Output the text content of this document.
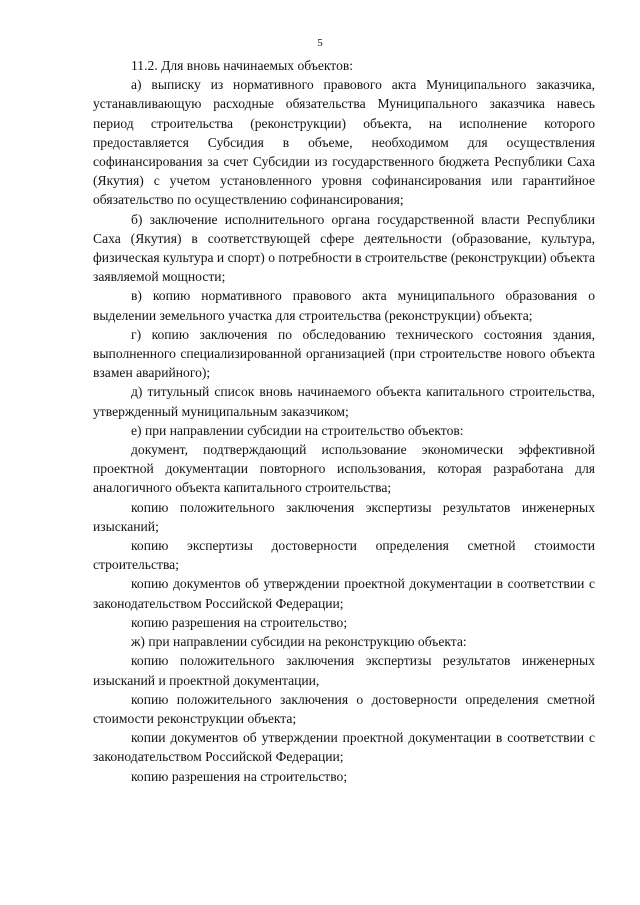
5

11.2. Для вновь начинаемых объектов:

а) выписку из нормативного правового акта Муниципального заказчика, устанавливающую расходные обязательства Муниципального заказчика навесь период строительства (реконструкции) объекта, на исполнение которого предоставляется Субсидия в объеме, необходимом для осуществления софинансирования за счет Субсидии из государственного бюджета Республики Саха (Якутия) с учетом установленного уровня софинансирования или гарантийное обязательство по осуществлению софинансирования;

б) заключение исполнительного органа государственной власти Республики Саха (Якутия) в соответствующей сфере деятельности (образование, культура, физическая культура и спорт) о потребности в строительстве (реконструкции) объекта заявляемой мощности;

в) копию нормативного правового акта муниципального образования о выделении земельного участка для строительства (реконструкции) объекта;

г) копию заключения по обследованию технического состояния здания, выполненного специализированной организацией (при строительстве нового объекта взамен аварийного);

д) титульный список вновь начинаемого объекта капитального строительства, утвержденный муниципальным заказчиком;

е) при направлении субсидии на строительство объектов:

документ, подтверждающий использование экономически эффективной проектной документации повторного использования, которая разработана для аналогичного объекта капитального строительства;

копию положительного заключения экспертизы результатов инженерных изысканий;

копию экспертизы достоверности определения сметной стоимости строительства;

копию документов об утверждении проектной документации в соответствии с законодательством Российской Федерации;

копию разрешения на строительство;

ж) при направлении субсидии на реконструкцию объекта:

копию положительного заключения экспертизы результатов инженерных изысканий и проектной документации,

копию положительного заключения о достоверности определения сметной стоимости реконструкции объекта;

копии документов об утверждении проектной документации в соответствии с законодательством Российской Федерации;

копию разрешения на строительство;
